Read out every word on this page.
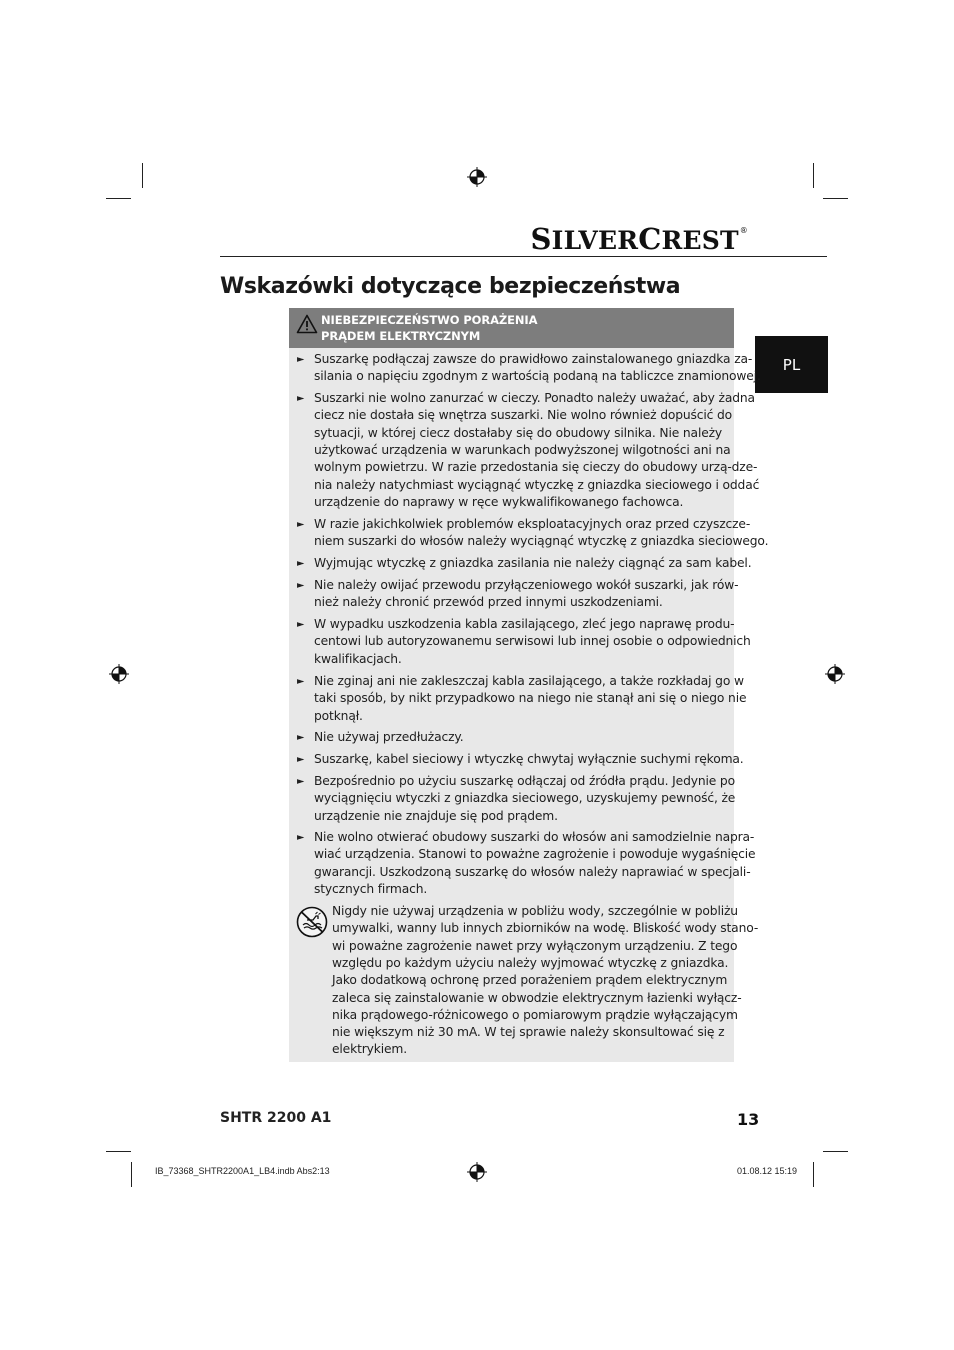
SILVERCREST®
Wskazówki dotyczące bezpieczeństwa
PL
NIEBEZPIECZEŃSTWO PORAŻENIA
PRĄDEM ELEKTRYCZNYM
► Suszarkę podłączaj zawsze do prawidłowo zainstalowanego gniazdka za-
silania o napięciu zgodnym z wartością podaną na tabliczce znamionowej.
► Suszarki nie wolno zanurzać w cieczy. Ponadto należy uważać, aby żadna
ciecz nie dostała się wnętrza suszarki. Nie wolno również dopuścić do
sytuacji, w której ciecz dostałaby się do obudowy silnika. Nie należy
użytkować urządzenia w warunkach podwyższonej wilgotności ani na
wolnym powietrzu. W razie przedostania się cieczy do obudowy urzą-dze-
nia należy natychmiast wyciągnąć wtyczkę z gniazdka sieciowego i oddać
urządzenie do naprawy w ręce wykwalifikowanego fachowca.
► W razie jakichkolwiek problemów eksploatacyjnych oraz przed czyszcze-
niem suszarki do włosów należy wyciągnąć wtyczkę z gniazdka sieciowego.
► Wyjmując wtyczkę z gniazdka zasilania nie należy ciągnąć za sam kabel.
► Nie należy owijać przewodu przyłączeniowego wokół suszarki, jak rów-
nież należy chronić przewód przed innymi uszkodzeniami.
► W wypadku uszkodzenia kabla zasilającego, zleć jego naprawę produ-
centowi lub autoryzowanemu serwisowi lub innej osobie o odpowiednich
kwalifikacjach.
► Nie zginaj ani nie zakleszczaj kabla zasilającego, a także rozkładaj go w
taki sposób, by nikt przypadkowo na niego nie stanął ani się o niego nie
potknął.
► Nie używaj przedłużaczy.
► Suszarkę, kabel sieciowy i wtyczkę chwytaj wyłącznie suchymi rękoma.
► Bezpośrednio po użyciu suszarkę odłączaj od źródła prądu. Jedynie po
wyciągnięciu wtyczki z gniazdka sieciowego, uzyskujemy pewność, że
urządzenie nie znajduje się pod prądem.
► Nie wolno otwierać obudowy suszarki do włosów ani samodzielnie napra-
wiać urządzenia. Stanowi to poważne zagrożenie i powoduje wygaśnięcie
gwarancji. Uszkodzoną suszarkę do włosów należy naprawiać w specjali-
stycznych firmach.
Nigdy nie używaj urządzenia w pobliżu wody, szczególnie w pobliżu
umywalki, wanny lub innych zbiorników na wodę. Bliskość wody stano-
wi poważne zagrożenie nawet przy wyłączonym urządzeniu. Z tego
względu po każdym użyciu należy wyjmować wtyczkę z gniazdka.
Jako dodatkową ochronę przed porażeniem prądem elektrycznym
zaleca się zainstalowanie w obwodzie elektrycznym łazienki wyłącz-
nika prądowego-różnicowego o pomiarowym prądzie wyłączającym
nie większym niż 30 mA. W tej sprawie należy skonsultować się z
elektrykiem.
SHTR 2200 A1	13
IB_73368_SHTR2200A1_LB4.indb Abs2:13	01.08.12 15:19
